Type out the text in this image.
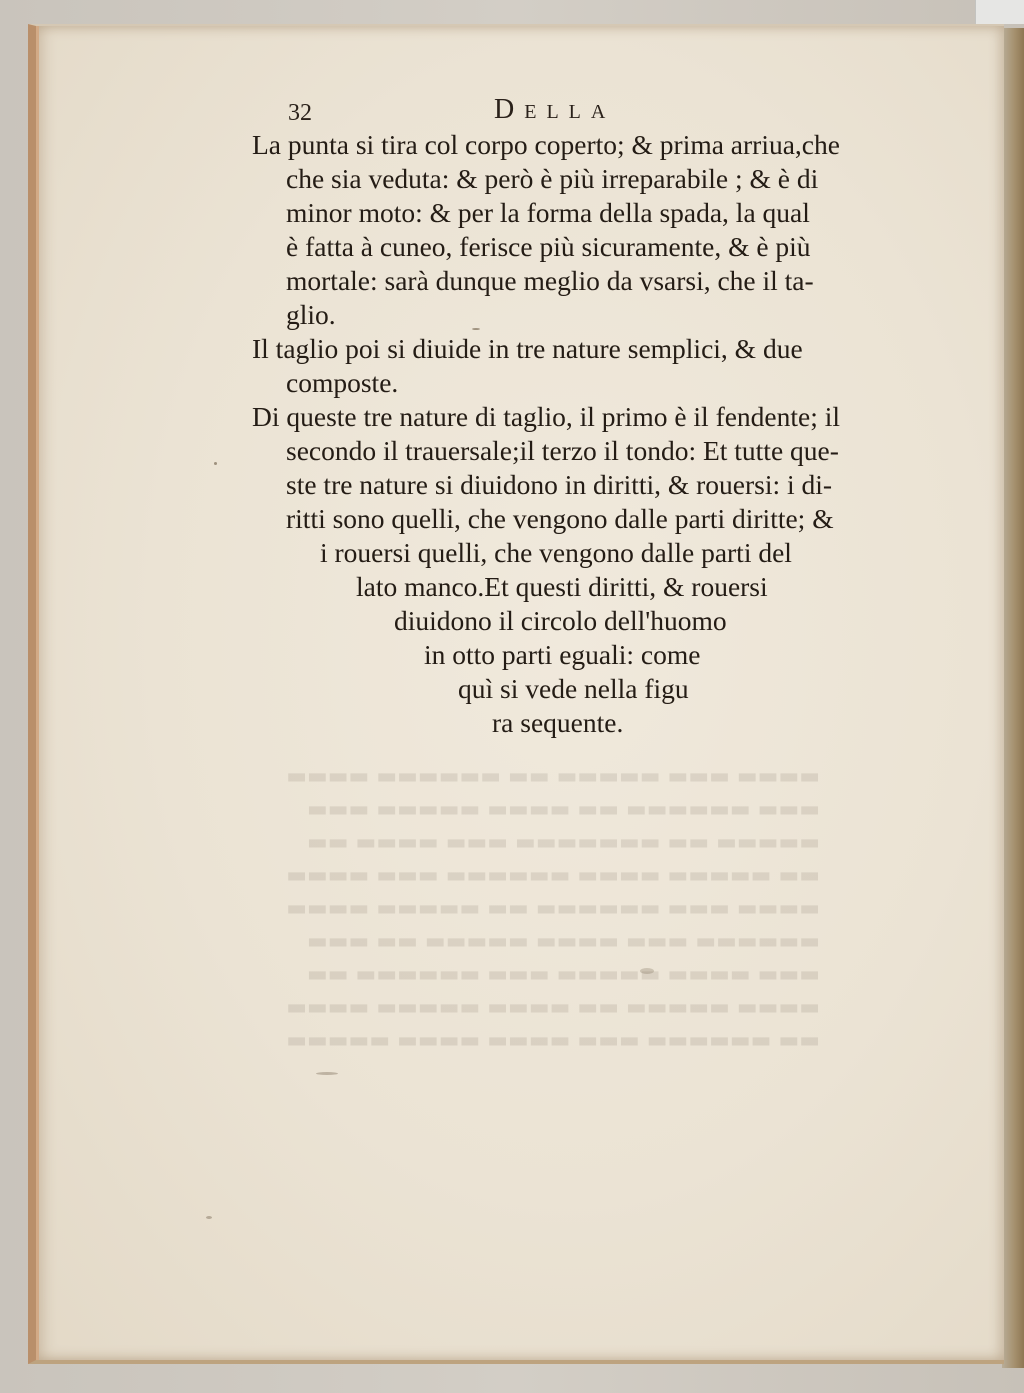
▬▬▬▬ ▬▬▬ ▬▬▬▬▬ ▬▬ ▬▬▬▬▬▬ ▬▬▬▬
▬▬▬ ▬▬▬▬▬▬ ▬▬ ▬▬▬▬ ▬▬▬▬▬ ▬▬▬
▬▬▬▬▬ ▬▬ ▬▬▬▬▬▬▬ ▬▬▬ ▬▬▬▬ ▬▬
▬▬ ▬▬▬▬▬ ▬▬▬▬ ▬▬▬▬▬▬ ▬▬▬ ▬▬▬▬
▬▬▬▬ ▬▬▬ ▬▬▬▬▬▬ ▬▬ ▬▬▬▬▬ ▬▬▬▬
▬▬▬▬▬▬ ▬▬▬ ▬▬▬▬ ▬▬▬▬▬ ▬▬ ▬▬▬
▬▬▬ ▬▬▬▬ ▬▬▬▬▬ ▬▬▬ ▬▬▬▬▬▬ ▬▬
▬▬▬▬ ▬▬▬▬▬ ▬▬ ▬▬▬▬ ▬▬▬▬▬ ▬▬▬▬
▬▬ ▬▬▬▬▬▬ ▬▬▬ ▬▬▬▬ ▬▬▬▬ ▬▬▬▬▬
32	Della
La punta si tira col corpo coperto; & prima arriua,che
che sia veduta: & però è più irreparabile ; & è di
minor moto: & per la forma della spada, la qual
è fatta à cuneo, ferisce più sicuramente, & è più
mortale: sarà dunque meglio da vsarsi, che il ta-
glio.
Il taglio poi si diuide in tre nature semplici, & due
composte.
Di queste tre nature di taglio, il primo è il fendente; il
secondo il trauersale;il terzo il tondo: Et tutte que-
ste tre nature si diuidono in diritti, & rouersi: i di-
ritti sono quelli, che vengono dalle parti diritte; &
i rouersi quelli, che vengono dalle parti del
lato manco.Et questi diritti, & rouersi
diuidono il circolo dell'huomo
in otto parti eguali: come
quì si vede nella figu
ra sequente.
